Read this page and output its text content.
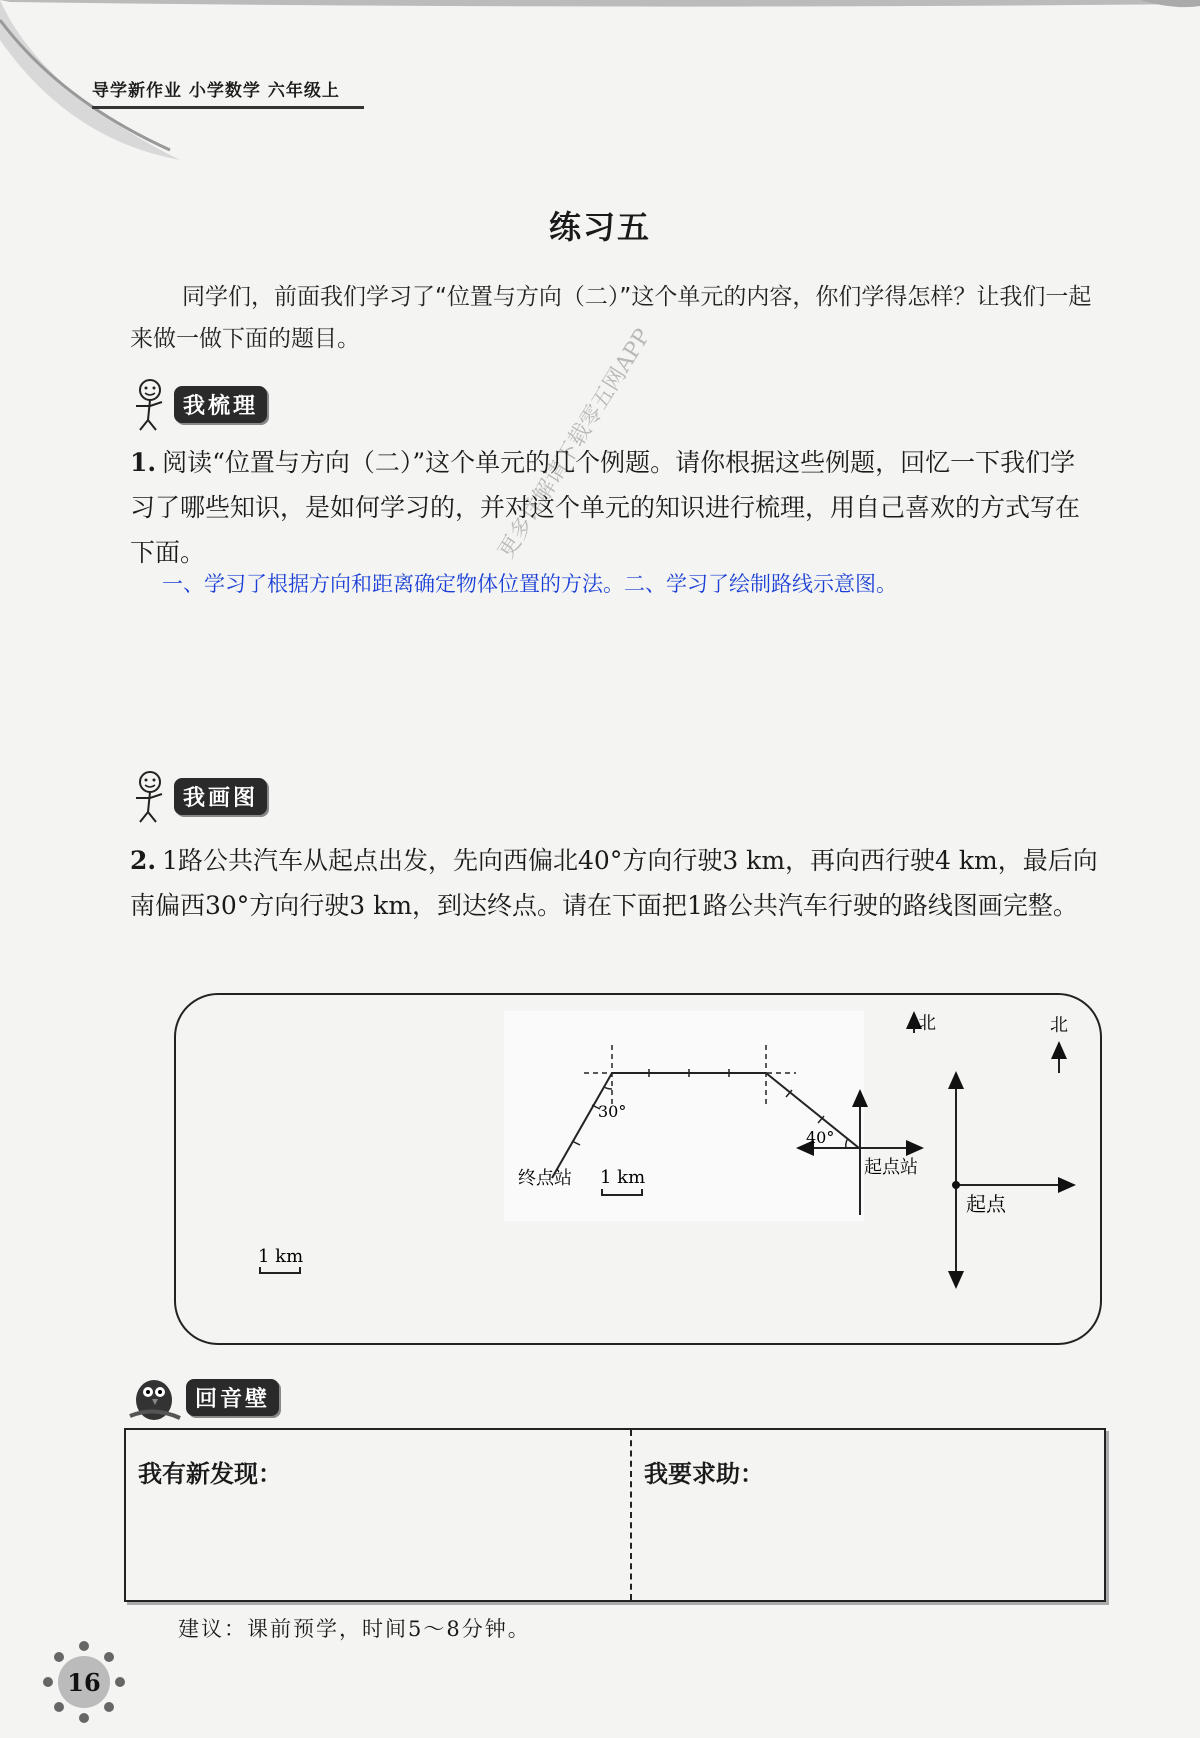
导学新作业 小学数学 六年级上
练习五
同学们，前面我们学习了“位置与方向（二）”这个单元的内容，你们学得怎样？让我们一起来做一做下面的题目。	更多详解请下载零五网APP
我梳理
1. 阅读“位置与方向（二）”这个单元的几个例题。请你根据这些例题，回忆一下我们学习了哪些知识，是如何学习的，并对这个单元的知识进行梳理，用自己喜欢的方式写在下面。
一、学习了根据方向和距离确定物体位置的方法。二、学习了绘制路线示意图。
我画图
2. 1路公共汽车从起点出发，先向西偏北40°方向行驶3 km，再向西行驶4 km，最后向南偏西30°方向行驶3 km，到达终点。请在下面把1路公共汽车行驶的路线图画完整。
北	北
30°
40°
终点站
起点站
起点
1 km
1 km
回音壁
我有新发现：	我要求助：
建议：课前预学，时间5～8分钟。
16
